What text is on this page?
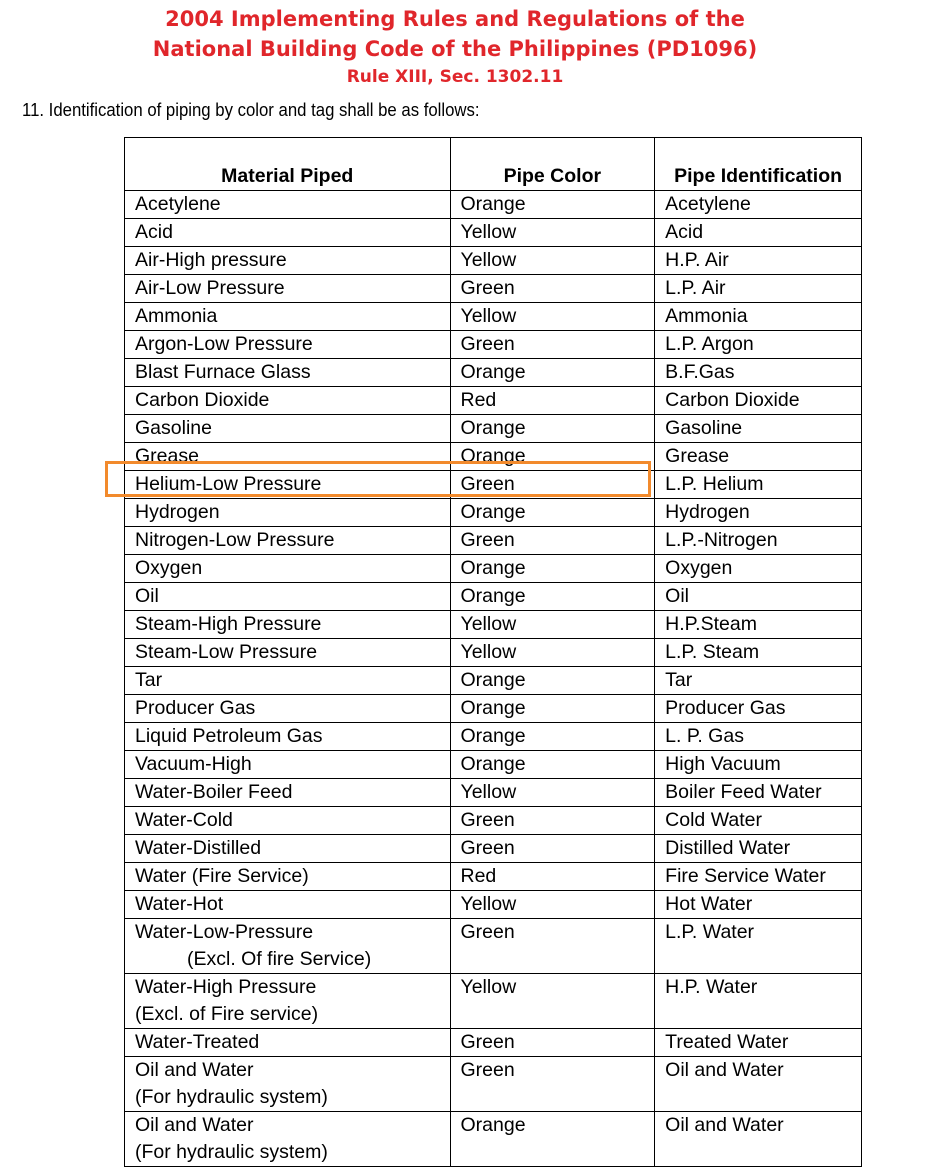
2004 Implementing Rules and Regulations of the
National Building Code of the Philippines (PD1096)
Rule XIII, Sec. 1302.11
11. Identification of piping by color and tag shall be as follows:
Material Piped	Pipe Color	Pipe Identification
Acetylene	Orange	Acetylene
Acid	Yellow	Acid
Air-High pressure	Yellow	H.P. Air
Air-Low Pressure	Green	L.P. Air
Ammonia	Yellow	Ammonia
Argon-Low Pressure	Green	L.P. Argon
Blast Furnace Glass	Orange	B.F.Gas
Carbon Dioxide	Red	Carbon Dioxide
Gasoline	Orange	Gasoline
Grease	Orange	Grease
Helium-Low Pressure	Green	L.P. Helium
Hydrogen	Orange	Hydrogen
Nitrogen-Low Pressure	Green	L.P.-Nitrogen
Oxygen	Orange	Oxygen
Oil	Orange	Oil
Steam-High Pressure	Yellow	H.P.Steam
Steam-Low Pressure	Yellow	L.P. Steam
Tar	Orange	Tar
Producer Gas	Orange	Producer Gas
Liquid Petroleum Gas	Orange	L. P. Gas
Vacuum-High	Orange	High Vacuum
Water-Boiler Feed	Yellow	Boiler Feed Water
Water-Cold	Green	Cold Water
Water-Distilled	Green	Distilled Water
Water (Fire Service)	Red	Fire Service Water
Water-Hot	Yellow	Hot Water
Water-Low-Pressure
(Excl. Of fire Service)	Green	L.P. Water
Water-High Pressure
(Excl. of Fire service)	Yellow	H.P. Water
Water-Treated	Green	Treated Water
Oil and Water
(For hydraulic system)	Green	Oil and Water
Oil and Water
(For hydraulic system)	Orange	Oil and Water
